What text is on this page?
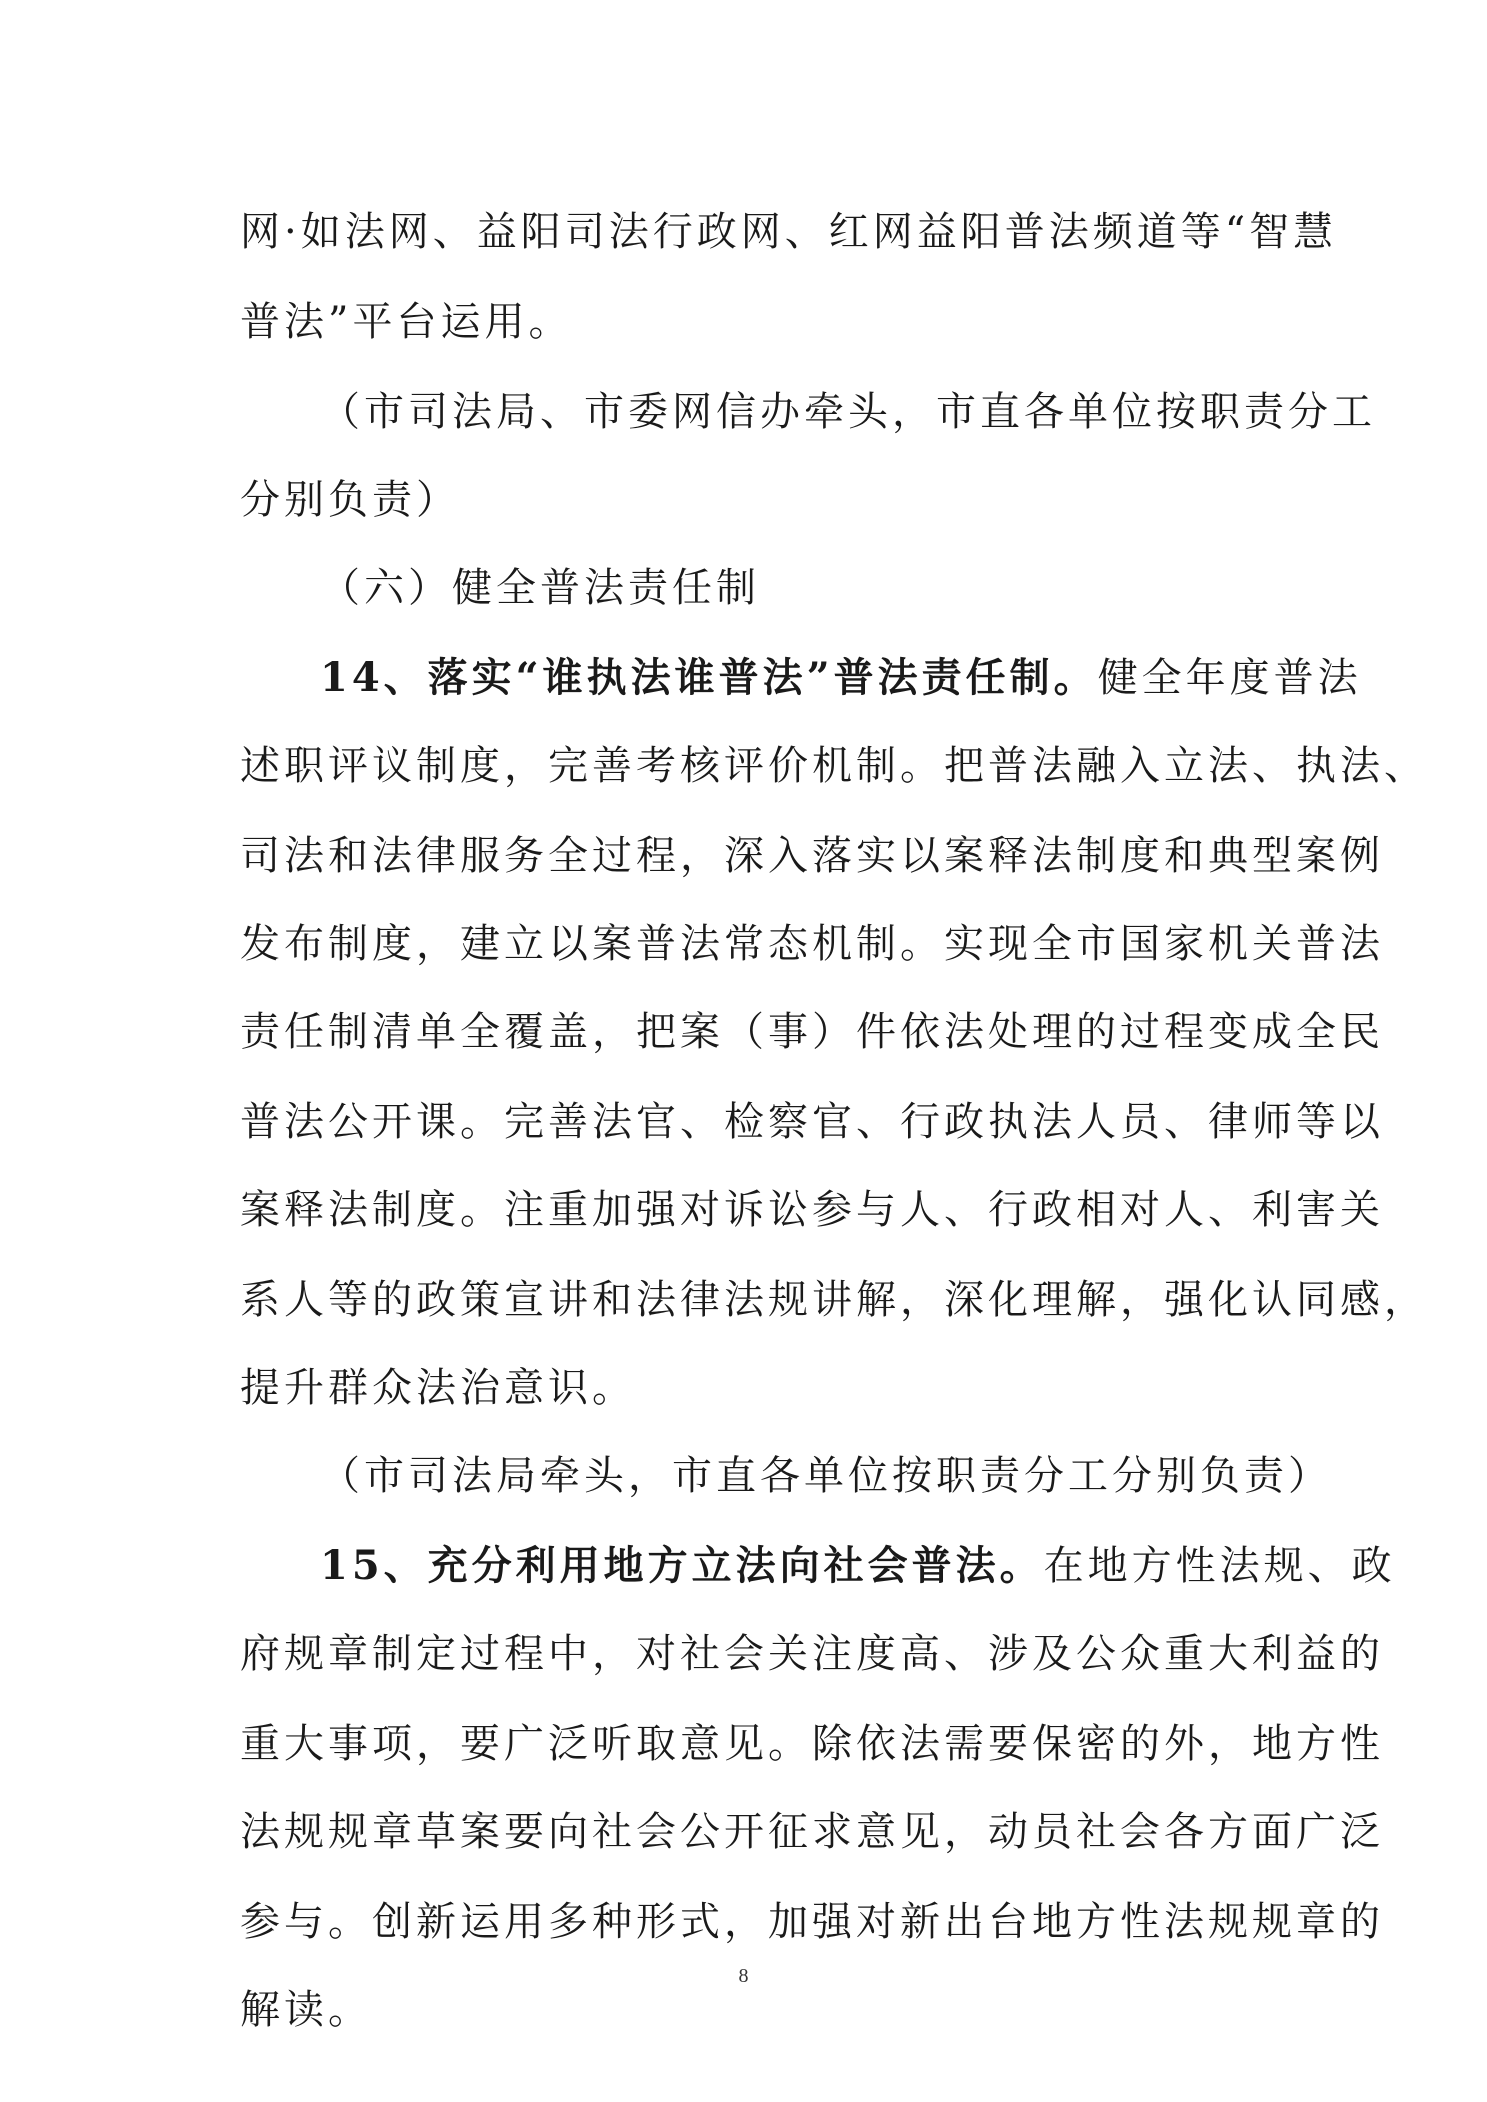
网·如法网、益阳司法行政网、红网益阳普法频道等“智慧
普法”平台运用。
（市司法局、市委网信办牵头，市直各单位按职责分工
分别负责）
（六）健全普法责任制
14、落实“谁执法谁普法”普法责任制。健全年度普法
述职评议制度，完善考核评价机制。把普法融入立法、执法、
司法和法律服务全过程，深入落实以案释法制度和典型案例
发布制度，建立以案普法常态机制。实现全市国家机关普法
责任制清单全覆盖，把案（事）件依法处理的过程变成全民
普法公开课。完善法官、检察官、行政执法人员、律师等以
案释法制度。注重加强对诉讼参与人、行政相对人、利害关
系人等的政策宣讲和法律法规讲解，深化理解，强化认同感，
提升群众法治意识。
（市司法局牵头，市直各单位按职责分工分别负责）
15、充分利用地方立法向社会普法。在地方性法规、政
府规章制定过程中，对社会关注度高、涉及公众重大利益的
重大事项，要广泛听取意见。除依法需要保密的外，地方性
法规规章草案要向社会公开征求意见，动员社会各方面广泛
参与。创新运用多种形式，加强对新出台地方性法规规章的
解读。
8
